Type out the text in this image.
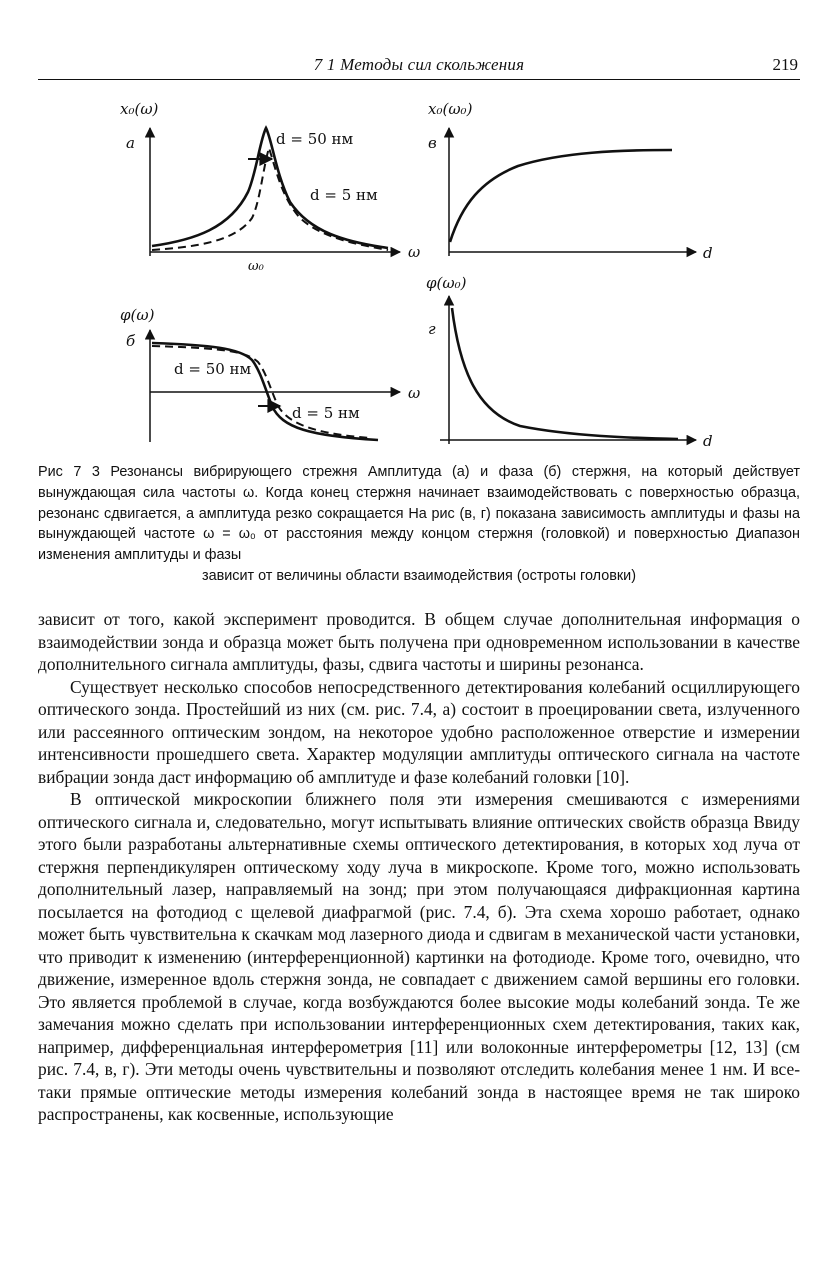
7 1 Методы сил скольжения	219
x₀(ω)
а
ω
ω₀
d = 50 нм
d = 5 нм
φ(ω)
б
ω
d = 50 нм
d = 5 нм
x₀(ω₀)
в
d
φ(ω₀)
г
d
Рис 7 3 Резонансы вибрирующего стрежня Амплитуда (а) и фаза (б) стержня, на который действует вынуждающая сила частоты ω. Когда конец стержня начинает взаимодействовать с поверхностью образца, резонанс сдвигается, а амплитуда резко сокращается На рис (в, г) показана зависимость амплитуды и фазы на вынуждающей частоте ω = ω₀ от расстояния между концом стержня (головкой) и поверхностью Диапазон изменения амплитуды и фазы
зависит от величины области взаимодействия (остроты головки)

зависит от того, какой эксперимент проводится. В общем случае дополнительная информация о взаимодействии зонда и образца может быть получена при одновременном использовании в качестве дополнительного сигнала амплитуды, фазы, сдвига частоты и ширины резонанса.

Существует несколько способов непосредственного детектирования колебаний осциллирующего оптического зонда. Простейший из них (см. рис. 7.4, а) состоит в проецировании света, излученного или рассеянного оптическим зондом, на некоторое удобно расположенное отверстие и измерении интенсивности прошедшего света. Характер модуляции амплитуды оптического сигнала на частоте вибрации зонда даст информацию об амплитуде и фазе колебаний головки [10].

В оптической микроскопии ближнего поля эти измерения смешиваются с измерениями оптического сигнала и, следовательно, могут испытывать влияние оптических свойств образца Ввиду этого были разработаны альтернативные схемы оптического детектирования, в которых ход луча от стержня перпендикулярен оптическому ходу луча в микроскопе. Кроме того, можно использовать дополнительный лазер, направляемый на зонд; при этом получающаяся дифракционная картина посылается на фотодиод с щелевой диафрагмой (рис. 7.4, б). Эта схема хорошо работает, однако может быть чувствительна к скачкам мод лазерного диода и сдвигам в механической части установки, что приводит к изменению (интерференционной) картинки на фотодиоде. Кроме того, очевидно, что движение, измеренное вдоль стержня зонда, не совпадает с движением самой вершины его головки. Это является проблемой в случае, когда возбуждаются более высокие моды колебаний зонда. Те же замечания можно сделать при использовании интерференционных схем детектирования, таких как, например, дифференциальная интерферометрия [11] или волоконные интерферометры [12, 13] (см рис. 7.4, в, г). Эти методы очень чувствительны и позволяют отследить колебания менее 1 нм. И все-таки прямые оптические методы измерения колебаний зонда в настоящее время не так широко распространены, как косвенные, использующие
